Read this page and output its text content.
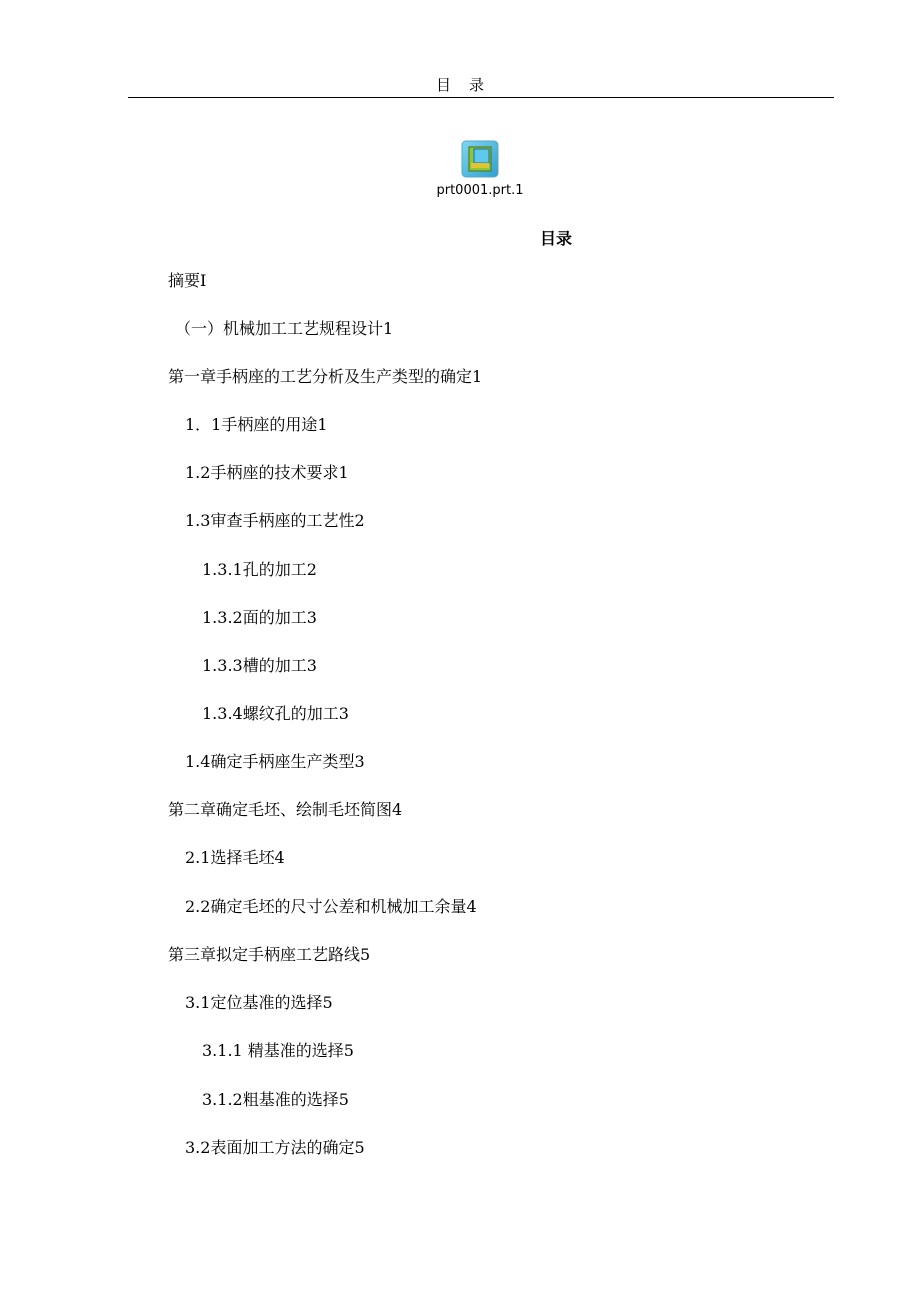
目录
prt0001.prt.1
目录
摘要Ⅰ
（一）机械加工工艺规程设计1
第一章手柄座的工艺分析及生产类型的确定1
1．1手柄座的用途1
1.2手柄座的技术要求1
1.3审查手柄座的工艺性2
1.3.1孔的加工2
1.3.2面的加工3
1.3.3槽的加工3
1.3.4螺纹孔的加工3
1.4确定手柄座生产类型3
第二章确定毛坯、绘制毛坯简图4
2.1选择毛坯4
2.2确定毛坯的尺寸公差和机械加工余量4
第三章拟定手柄座工艺路线5
3.1定位基准的选择5
3.1.1 精基准的选择5
3.1.2粗基准的选择5
3.2表面加工方法的确定5
